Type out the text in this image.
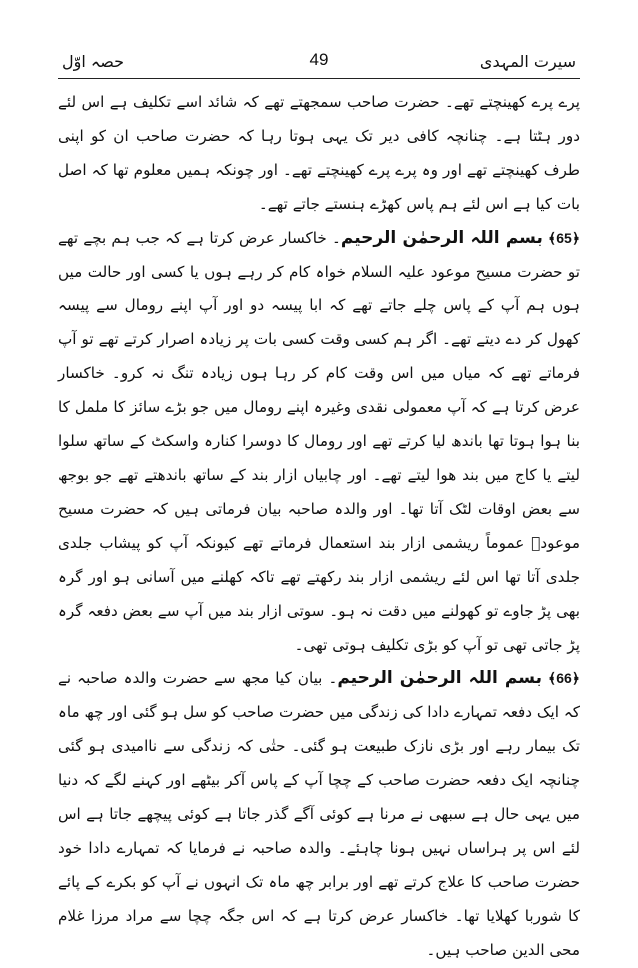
حصہ اوّل	49	سیرت المہدی

پرے پرے کھینچتے تھے۔ حضرت صاحب سمجھتے تھے کہ شائد اسے تکلیف ہے اس لئے دور ہٹتا ہے۔ چنانچہ کافی دیر تک یہی ہوتا رہا کہ حضرت صاحب ان کو اپنی طرف کھینچتے تھے اور وہ پرے پرے کھینچتے تھے۔ اور چونکہ ہمیں معلوم تھا کہ اصل بات کیا ہے اس لئے ہم پاس کھڑے ہنستے جاتے تھے۔

﴿65﴾ بسم اللہ الرحمٰن الرحیم۔ خاکسار عرض کرتا ہے کہ جب ہم بچے تھے تو حضرت مسیح موعود علیہ السلام خواہ کام کر رہے ہوں یا کسی اور حالت میں ہوں ہم آپ کے پاس چلے جاتے تھے کہ ابا پیسہ دو اور آپ اپنے رومال سے پیسہ کھول کر دے دیتے تھے۔ اگر ہم کسی وقت کسی بات پر زیادہ اصرار کرتے تھے تو آپ فرماتے تھے کہ میاں میں اس وقت کام کر رہا ہوں زیادہ تنگ نہ کرو۔ خاکسار عرض کرتا ہے کہ آپ معمولی نقدی وغیرہ اپنے رومال میں جو بڑے سائز کا ململ کا بنا ہوا ہوتا تھا باندھ لیا کرتے تھے اور رومال کا دوسرا کنارہ واسکٹ کے ساتھ سلوا لیتے یا کاج میں بند ھوا لیتے تھے۔ اور چابیاں ازار بند کے ساتھ باندھتے تھے جو بوجھ سے بعض اوقات لٹک آتا تھا۔ اور والدہ صاحبہ بیان فرماتی ہیں کہ حضرت مسیح موعودؑ عموماً ریشمی ازار بند استعمال فرماتے تھے کیونکہ آپ کو پیشاب جلدی جلدی آتا تھا اس لئے ریشمی ازار بند رکھتے تھے تاکہ کھلنے میں آسانی ہو اور گرہ بھی پڑ جاوے تو کھولنے میں دقت نہ ہو۔ سوتی ازار بند میں آپ سے بعض دفعہ گرہ پڑ جاتی تھی تو آپ کو بڑی تکلیف ہوتی تھی۔

﴿66﴾ بسم اللہ الرحمٰن الرحیم۔ بیان کیا مجھ سے حضرت والدہ صاحبہ نے کہ ایک دفعہ تمہارے دادا کی زندگی میں حضرت صاحب کو سل ہو گئی اور چھ ماہ تک بیمار رہے اور بڑی نازک طبیعت ہو گئی۔ حتٰی کہ زندگی سے ناامیدی ہو گئی چنانچہ ایک دفعہ حضرت صاحب کے چچا آپ کے پاس آکر بیٹھے اور کہنے لگے کہ دنیا میں یہی حال ہے سبھی نے مرنا ہے کوئی آگے گذر جاتا ہے کوئی پیچھے جاتا ہے اس لئے اس پر ہراساں نہیں ہونا چاہئے۔ والدہ صاحبہ نے فرمایا کہ تمہارے دادا خود حضرت صاحب کا علاج کرتے تھے اور برابر چھ ماہ تک انہوں نے آپ کو بکرے کے پائے کا شوربا کھلایا تھا۔ خاکسار عرض کرتا ہے کہ اس جگہ چچا سے مراد مرزا غلام محی الدین صاحب ہیں۔
